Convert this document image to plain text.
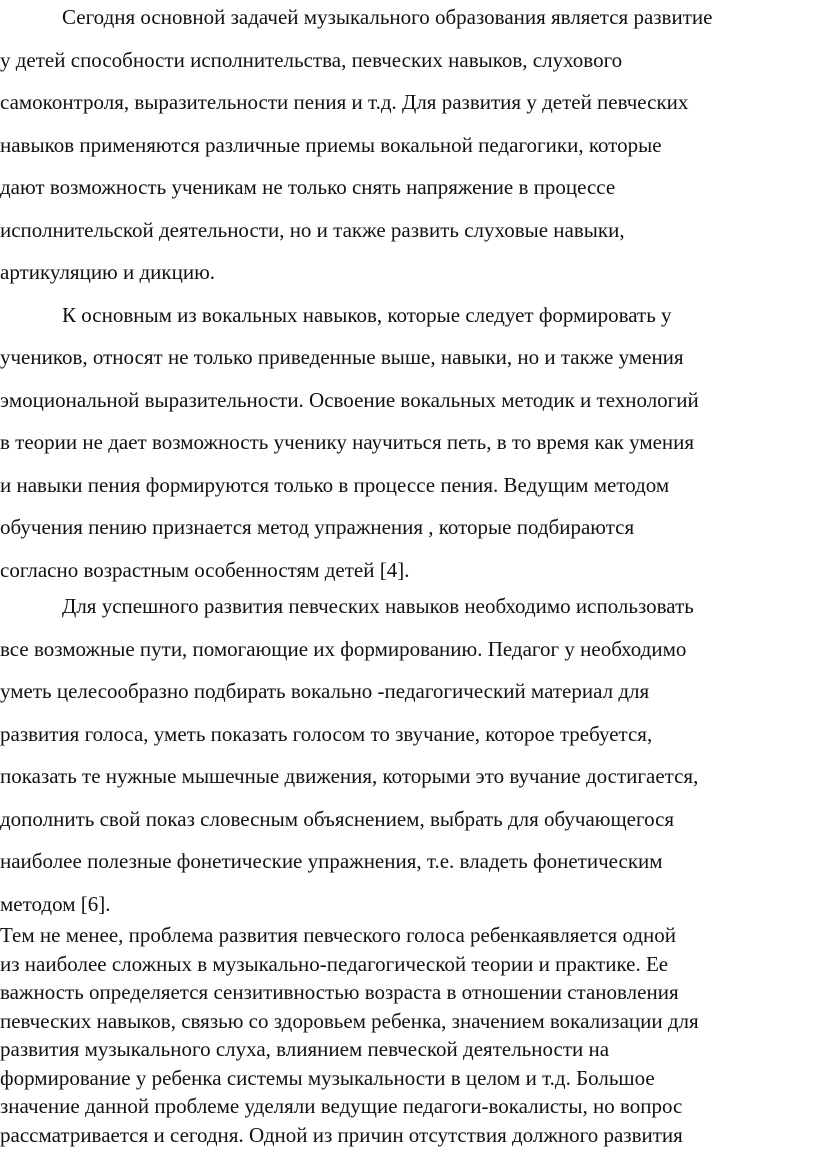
Сегодня основной задачей музыкального образования является развитие
у детей способности исполнительства, певческих навыков, слухового
самоконтроля, выразительности пения и т.д. Для развития у детей певческих
навыков применяются различные приемы вокальной педагогики, которые
дают возможность ученикам не только снять напряжение в процессе
исполнительской деятельности, но и также развить слуховые навыки,
артикуляцию и дикцию.
К основным из вокальных навыков, которые следует формировать у
учеников, относят не только приведенные выше, навыки, но и также умения
эмоциональной выразительности. Освоение вокальных методик и технологий
в теории не дает возможность ученику научиться петь, в то время как умения
и навыки пения формируются только в процессе пения. Ведущим методом
обучения пению признается метод упражнения , которые подбираются
согласно возрастным особенностям детей [4].
Для успешного развития певческих навыков необходимо использовать
все возможные пути, помогающие их формированию. Педагог у необходимо
уметь целесообразно подбирать вокально -педагогический материал для
развития голоса, уметь показать голосом то звучание, которое требуется,
показать те нужные мышечные движения, которыми это вучание достигается,
дополнить свой показ словесным объяснением, выбрать для обучающегося
наиболее полезные фонетические упражнения, т.е. владеть фонетическим
методом [6].
Тем не менее, проблема развития певческого голоса ребенкаявляется одной
из наиболее сложных в музыкально-педагогической теории и практике. Ее
важность определяется сензитивностью возраста в отношении становления
певческих навыков, связью со здоровьем ребенка, значением вокализации для
развития музыкального слуха, влиянием певческой деятельности на
формирование у ребенка системы музыкальности в целом и т.д. Большое
значение данной проблеме уделяли ведущие педагоги-вокалисты, но вопрос
рассматривается и сегодня. Одной из причин отсутствия должного развития
